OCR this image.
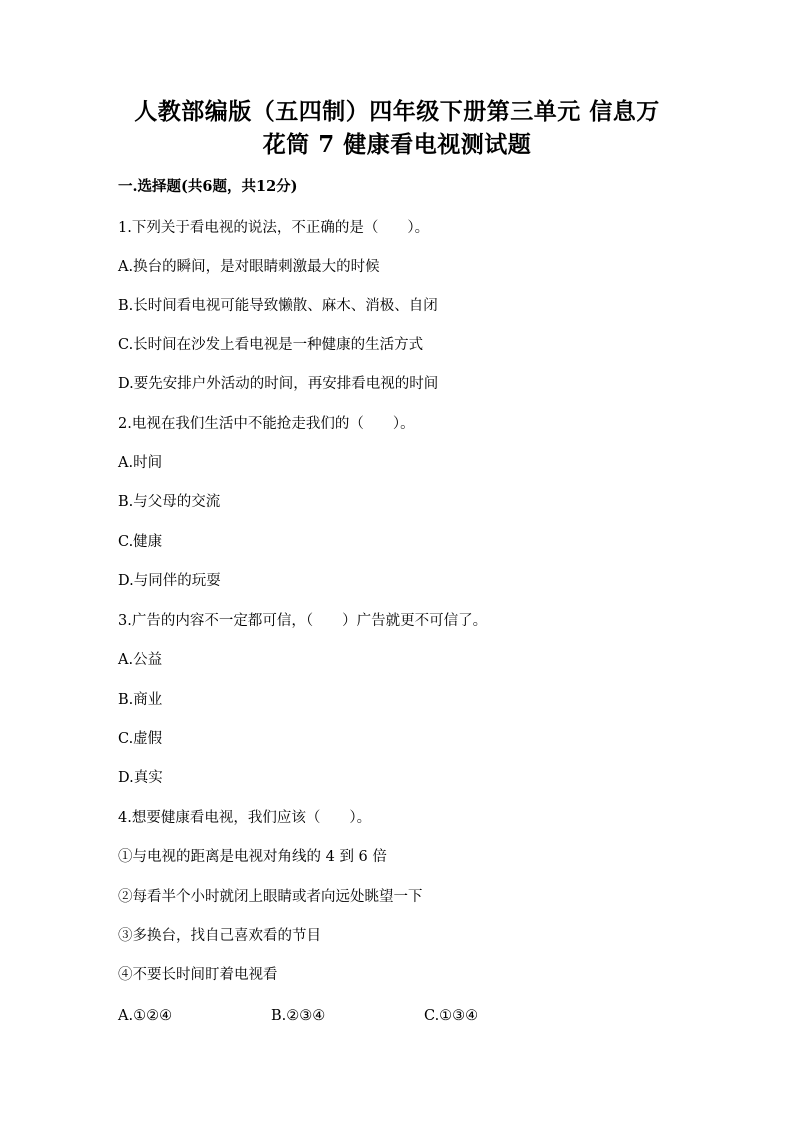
人教部编版（五四制）四年级下册第三单元 信息万
花筒 7 健康看电视测试题
一.选择题(共6题，共12分)
1.下列关于看电视的说法，不正确的是（　　）。
A.换台的瞬间，是对眼睛刺激最大的时候
B.长时间看电视可能导致懒散、麻木、消极、自闭
C.长时间在沙发上看电视是一种健康的生活方式
D.要先安排户外活动的时间，再安排看电视的时间
2.电视在我们生活中不能抢走我们的（　　）。
A.时间
B.与父母的交流
C.健康
D.与同伴的玩耍
3.广告的内容不一定都可信，（　　）广告就更不可信了。
A.公益
B.商业
C.虚假
D.真实
4.想要健康看电视，我们应该（　　）。
①与电视的距离是电视对角线的 4 到 6 倍
②每看半个小时就闭上眼睛或者向远处眺望一下
③多换台，找自己喜欢看的节目
④不要长时间盯着电视看
A.①②④	B.②③④	C.①③④
